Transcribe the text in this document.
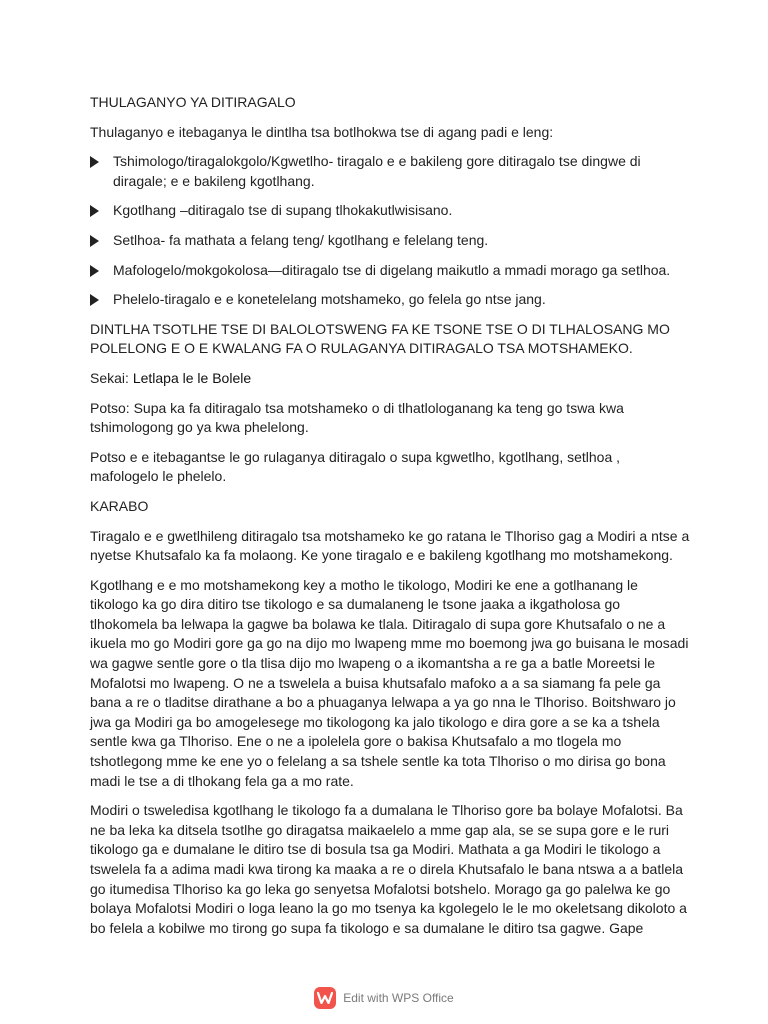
THULAGANYO YA DITIRAGALO

Thulaganyo e itebaganya le dintlha tsa botlhokwa tse di agang padi e leng:

Tshimologo/tiragalokgolo/Kgwetlho- tiragalo e e bakileng gore ditiragalo tse dingwe di diragale; e e bakileng kgotlhang.
Kgotlhang –ditiragalo tse di supang tlhokakutlwisisano.
Setlhoa- fa mathata a felang teng/ kgotlhang e felelang teng.
Mafologelo/mokgokolosa—ditiragalo tse di digelang maikutlo a mmadi morago ga setlhoa.
Phelelo-tiragalo e e konetelelang motshameko, go felela go ntse jang.

DINTLHA TSOTLHE TSE DI BALOLOTSWENG FA KE TSONE TSE O DI TLHALOSANG MO POLELONG E O E KWALANG FA O RULAGANYA DITIRAGALO TSA MOTSHAMEKO.

Sekai: Letlapa le le Bolele

Potso: Supa ka fa ditiragalo tsa motshameko o di tlhatlologanang ka teng go tswa kwa tshimologong go ya kwa phelelong.

Potso e e itebagantse le go rulaganya ditiragalo o supa kgwetlho, kgotlhang, setlhoa , mafologelo le phelelo.

KARABO

Tiragalo e e gwetlhileng ditiragalo tsa motshameko ke go ratana le Tlhoriso gag a Modiri a ntse a nyetse Khutsafalo ka fa molaong. Ke yone tiragalo e e bakileng kgotlhang mo motshamekong.

Kgotlhang e e mo motshamekong key a motho le tikologo, Modiri ke ene a gotlhanang le tikologo ka go dira ditiro tse tikologo e sa dumalaneng le tsone jaaka a ikgatholosa go tlhokomela ba lelwapa la gagwe ba bolawa ke tlala. Ditiragalo di supa gore Khutsafalo o ne a ikuela mo go Modiri gore ga go na dijo mo lwapeng mme mo boemong jwa go buisana le mosadi wa gagwe sentle gore o tla tlisa dijo mo lwapeng o a ikomantsha a re ga a batle Moreetsi le Mofalotsi mo lwapeng. O ne a tswelela a buisa khutsafalo mafoko a a sa siamang fa pele ga bana a re o tladitse dirathane a bo a phuaganya lelwapa a ya go nna le Tlhoriso. Boitshwaro jo jwa ga Modiri ga bo amogelesege mo tikologong ka jalo tikologo e dira gore a se ka a tshela sentle kwa ga Tlhoriso. Ene o ne a ipolelela gore o bakisa Khutsafalo a mo tlogela mo tshotlegong mme ke ene yo o felelang a sa tshele sentle ka tota Tlhoriso o mo dirisa go bona madi le tse a di tlhokang fela ga a mo rate.

Modiri o tsweledisa kgotlhang le tikologo fa a dumalana le Tlhoriso gore ba bolaye Mofalotsi. Ba ne ba leka ka ditsela tsotlhe go diragatsa maikaelelo a mme gap ala, se se supa gore e le ruri tikologo ga e dumalane le ditiro tse di bosula tsa ga Modiri. Mathata a ga Modiri le tikologo a tswelela fa a adima madi kwa tirong ka maaka a re o direla Khutsafalo le bana ntswa a a batlela go itumedisa Tlhoriso ka go leka go senyetsa Mofalotsi botshelo. Morago ga go palelwa ke go bolaya Mofalotsi Modiri o loga leano la go mo tsenya ka kgolegelo le le mo okeletsang dikoloto a bo felela a kobilwe mo tirong go supa fa tikologo e sa dumalane le ditiro tsa gagwe. Gape

Edit with WPS Office
